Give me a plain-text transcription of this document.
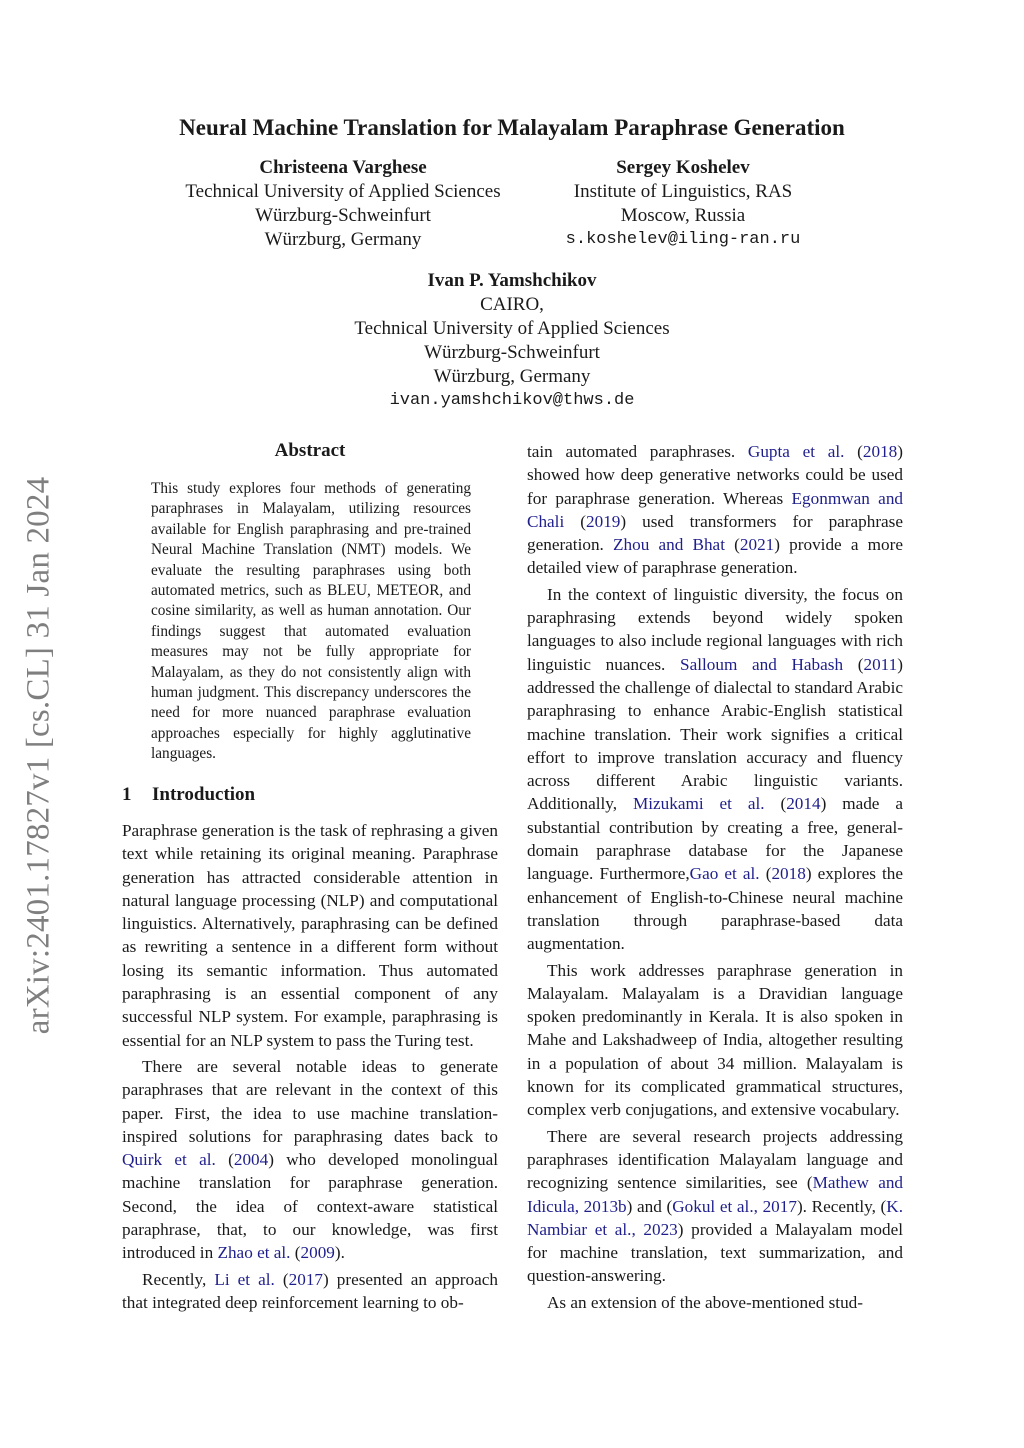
arXiv:2401.17827v1 [cs.CL] 31 Jan 2024
Neural Machine Translation for Malayalam Paraphrase Generation
Christeena Varghese
Technical University of Applied Sciences
Würzburg-Schweinfurt
Würzburg, Germany
Sergey Koshelev
Institute of Linguistics, RAS
Moscow, Russia
s.koshelev@iling-ran.ru
Ivan P. Yamshchikov
CAIRO,
Technical University of Applied Sciences
Würzburg-Schweinfurt
Würzburg, Germany
ivan.yamshchikov@thws.de
Abstract
This study explores four methods of generating paraphrases in Malayalam, utilizing resources available for English paraphrasing and pre-trained Neural Machine Translation (NMT) models. We evaluate the resulting paraphrases using both automated metrics, such as BLEU, METEOR, and cosine similarity, as well as human annotation. Our findings suggest that automated evaluation measures may not be fully appropriate for Malayalam, as they do not consistently align with human judgment. This discrepancy underscores the need for more nuanced paraphrase evaluation approaches especially for highly agglutinative languages.
1 Introduction

Paraphrase generation is the task of rephrasing a given text while retaining its original meaning. Paraphrase generation has attracted considerable attention in natural language processing (NLP) and computational linguistics. Alternatively, paraphrasing can be defined as rewriting a sentence in a different form without losing its semantic information. Thus automated paraphrasing is an essential component of any successful NLP system. For example, paraphrasing is essential for an NLP system to pass the Turing test.

There are several notable ideas to generate paraphrases that are relevant in the context of this paper. First, the idea to use machine translation-inspired solutions for paraphrasing dates back to Quirk et al. (2004) who developed monolingual machine translation for paraphrase generation. Second, the idea of context-aware statistical paraphrase, that, to our knowledge, was first introduced in Zhao et al. (2009).

Recently, Li et al. (2017) presented an approach that integrated deep reinforcement learning to ob-

tain automated paraphrases. Gupta et al. (2018) showed how deep generative networks could be used for paraphrase generation. Whereas Egonmwan and Chali (2019) used transformers for paraphrase generation. Zhou and Bhat (2021) provide a more detailed view of paraphrase generation.

In the context of linguistic diversity, the focus on paraphrasing extends beyond widely spoken languages to also include regional languages with rich linguistic nuances. Salloum and Habash (2011) addressed the challenge of dialectal to standard Arabic paraphrasing to enhance Arabic-English statistical machine translation. Their work signifies a critical effort to improve translation accuracy and fluency across different Arabic linguistic variants. Additionally, Mizukami et al. (2014) made a substantial contribution by creating a free, general-domain paraphrase database for the Japanese language. Furthermore,Gao et al. (2018) explores the enhancement of English-to-Chinese neural machine translation through paraphrase-based data augmentation.

This work addresses paraphrase generation in Malayalam. Malayalam is a Dravidian language spoken predominantly in Kerala. It is also spoken in Mahe and Lakshadweep of India, altogether resulting in a population of about 34 million. Malayalam is known for its complicated grammatical structures, complex verb conjugations, and extensive vocabulary.

There are several research projects addressing paraphrases identification Malayalam language and recognizing sentence similarities, see (Mathew and Idicula, 2013b) and (Gokul et al., 2017). Recently, (K. Nambiar et al., 2023) provided a Malayalam model for machine translation, text summarization, and question-answering.

As an extension of the above-mentioned stud-
